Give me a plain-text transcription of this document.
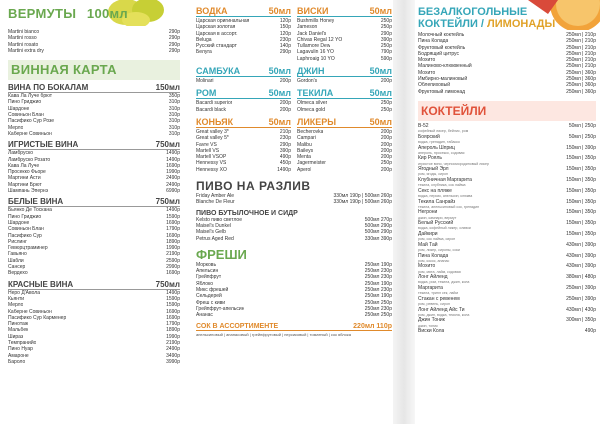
ВЕРМУТЫ 100мл
Martini bianco	290р
Martini rosso	290р
Martini rosato	290р
Martini extra dry	290р
ВИННАЯ КАРТА
ВИНА ПО БОКАЛАМ	150мл
Кава Ла Луче брют	350р
Пино Гриджио	310р
Шардоне	310р
Совиньон Блан	310р
Пасифико Сур Розе	310р
Мерло	310р
Каберне Совиньон	310р
ИГРИСТЫЕ ВИНА	750мл
Ламбруско	1490р
Ламбруско Розато	1490р
Кава Ла Луче	1690р
Просекко Фьоре	1990р
Мартини Асти	2490р
Мартини Брют	2490р
Шампань Эпернэ	6990р
БЕЛЫЕ ВИНА	750мл
Бьянко Де Тоскана	1490р
Пино Гриджио	1590р
Шардоне	1690р
Совиньон Блан	1790р
Пасифико Сур	1690р
Рислинг	1890р
Гевюрцтраминер	1990р
Гавьяно	2190р
Шабли	2590р
Сансер	2990р
Вердехо	1690р
КРАСНЫЕ ВИНА	750мл
Неро Д'Авола	1490р
Кьянти	1590р
Мерло	1590р
Каберне Совиньон	1690р
Пасифико Сур Карменер	1690р
Пинотаж	1790р
Мальбек	1890р
Шираз	1990р
Темпранийо	2190р
Пино Нуар	2490р
Амароне	3490р
Бароло	3990р
ВОДКА	50мл
Царская оригинальная	120р
Царская золотая	150р
Царская в ассорт.	120р
Beluga	230р
Русский стандарт	140р
Белуга	290р
ВИСКИ	50мл
Bushmills Honey	250р
Jameson	250р
Jack Daniel's	290р
Chivas Regal 12 YO	390р
Tullamore Dew	250р
Lagavulin 16 YO	790р
Laphroaig 10 YO	590р
САМБУКА	50мл
Molinari	200р
ДЖИН	50мл
Gordon's	200р
РОМ	50мл
Bacardi superior	200р
Bacardi black	200р
ТЕКИЛА	50мл
Olmeca silver	250р
Olmeca gold	250р
КОНЬЯК	50мл
Great valley 3*	210р
Great valley 5*	230р
Favre VS	290р
Martell VS	390р
Martell VSOP	490р
Hennessy VS	450р
Hennessy XO	1490р
ЛИКЕРЫ	50мл
Becherovka	200р
Campari	200р
Malibu	200р
Baileys	200р
Menta	200р
Jagermeister	250р
Aperol	200р
ПИВО НА РАЗЛИВ
Friday Amber Ale	330мл 190р | 500мл 260р
Blanche De Fleur	330мл 190р | 500мл 260р
ПИВО БУТЫЛОЧНОЕ И СИДР
Kelsto пиво светлое	500мл 270р
Maisel's Dunkel	500мл 290р
Maisel's Gelb	500мл 290р
Petrus Aged Red	330мл 390р
ФРЕШИ
Морковь	250мл 190р
Апельсин	250мл 230р
Грейпфрут	250мл 230р
Яблоко	250мл 190р
Микс фрешей	250мл 230р
Сельдерей	250мл 190р
Фреш с киви	250мл 250р
Грейпфрут-апельсин	250мл 230р
Ананас	250мл 250р
СОК В АССОРТИМЕНТЕ	220мл 110р
апельсиновый | ананасовый | грейпфрутовый | персиковый | томатный | сок яблока
БЕЗАЛКОГОЛЬНЫЕ
КОКТЕЙЛИ / ЛИМОНАДЫ
Молочный коктейль	250мл | 210р
Пина Колада	250мл | 210р
Фруктовый коктейль	250мл | 210р
Бодрящий цитрус	250мл | 210р
Мохито	250мл | 210р
Малиново-клюквенный	250мл | 210р
Мохито	250мл | 360р
Имбирно-малиновый	250мл | 360р
Облепиховый	250мл | 360р
Фруктовый лимонад	250мл | 360р
КОКТЕЙЛИ
B-52	50мл | 250р
кофейный ликер, бейлис, ром
Боярский	50мл | 250р
водка, гренадин, табаско
Апероль Шприц	150мл | 390р
апероль, просекко, содовая
Кир Рояль	150мл | 350р
игристое вино, черносмородиновый ликер
Ягодный Эрл	150мл | 350р
ром, ягоды, сироп
Клубничная Маргарита	150мл | 350р
текила, клубника, сок лайма
Секс на пляже	150мл | 350р
водка, персик, апельсин, клюква
Текила Санрайз	150мл | 350р
текила, апельсиновый сок, гренадин
Негрони	150мл | 350р
джин, кампари, вермут
Белый Русский	150мл | 350р
водка, кофейный ликер, сливки
Дайкири	150мл | 350р
ром, сок лайма, сироп
Май Тай	430мл | 390р
ром, ликер, сиропы, соки
Пина Колада	430мл | 390р
ром, кокос, ананас
Мохито	430мл | 390р
ром, мята, лайм, содовая
Лонг Айленд	380мл | 480р
водка, ром, текила, джин, кола
Маргарита	250мл | 390р
текила, трипл сек, лайм
Стакан с ревенем	250мл | 390р
ром, ревень, сироп
Лонг Айленд Айс Ти	430мл | 430р
ром, джин, водка, текила, кола
Джин Тоник	300мл | 350р
джин, тоник
Виски Кола	490р
